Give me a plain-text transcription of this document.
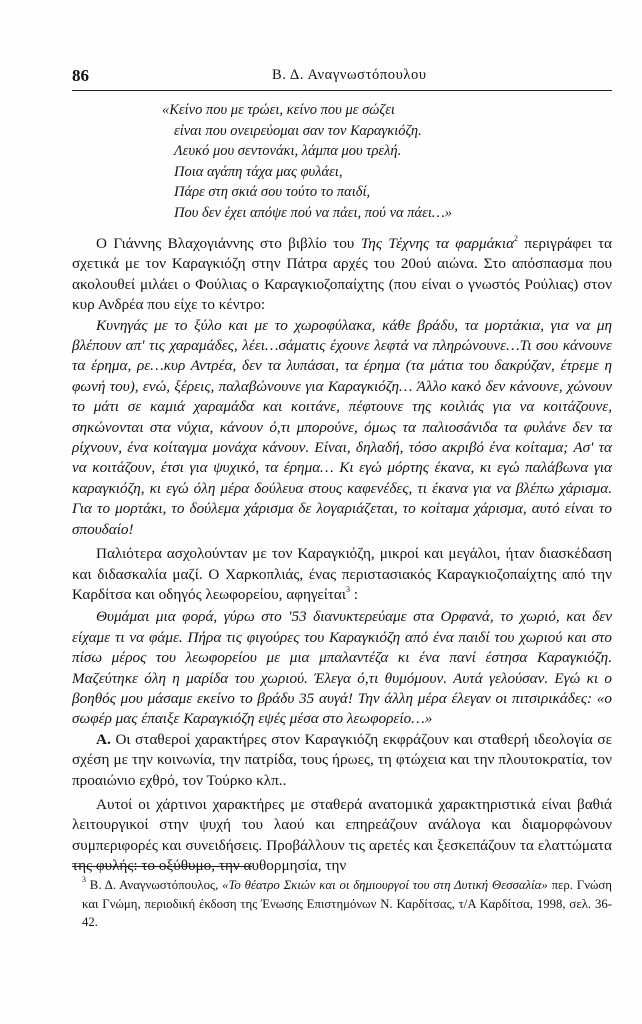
86	Β. Δ. Αναγνωστόπουλου
«Κείνο που με τρώει, κείνο που με σώζει
είναι που ονειρεύομαι σαν τον Καραγκιόζη.
Λευκό μου σεντονάκι, λάμπα μου τρελή.
Ποια αγάπη τάχα μας φυλάει,
Πάρε στη σκιά σου τούτο το παιδί,
Που δεν έχει απόψε πού να πάει, πού να πάει…»

Ο Γιάννης Βλαχογιάννης στο βιβλίο του Της Τέχνης τα φαρμάκια$^2$ περιγράφει τα σχετικά με τον Καραγκιόζη στην Πάτρα αρχές του 20ού αιώνα. Στο απόσπασμα που ακολουθεί μιλάει ο Φούλιας ο Καραγκιοζοπαίχτης (που είναι ο γνωστός Ρούλιας) στον κυρ Ανδρέα που είχε το κέντρο:

Κυνηγάς με το ξύλο και με το χωροφύλακα, κάθε βράδυ, τα μορτάκια, για να μη βλέπουν απ' τις χαραμάδες, λέει…σάματις έχουνε λεφτά να πληρώνουνε…Τι σου κάνουνε τα έρημα, ρε…κυρ Αντρέα, δεν τα λυπάσαι, τα έρημα (τα μάτια του δακρύζαν, έτρεμε η φωνή του), ενώ, ξέρεις, παλαβώνουνε για Καραγκιόζη… Άλλο κακό δεν κάνουνε, χώνουν το μάτι σε καμιά χαραμάδα και κοιτάνε, πέφτουνε της κοιλιάς για να κοιτάζουνε, σηκώνονται στα νύχια, κάνουν ό,τι μπορούνε, όμως τα παλιοσάνιδα τα φυλάνε δεν τα ρίχνουν, ένα κοίταγμα μονάχα κάνουν. Είναι, δηλαδή, τόσο ακριβό ένα κοίταμα; Ασ' τα να κοιτάζουν, έτσι για ψυχικό, τα έρημα… Κι εγώ μόρτης έκανα, κι εγώ παλάβωνα για καραγκιόζη, κι εγώ όλη μέρα δούλευα στους καφενέδες, τι έκανα για να βλέπω χάρισμα. Για το μορτάκι, το δούλεμα χάρισμα δε λογαριάζεται, το κοίταμα χάρισμα, αυτό είναι το σπουδαίο!

Παλιότερα ασχολούνταν με τον Καραγκιόζη, μικροί και μεγάλοι, ήταν διασκέδαση και διδασκαλία μαζί. Ο Χαρκοπλιάς, ένας περιστασιακός Καραγκιοζοπαίχτης από την Καρδίτσα και οδηγός λεωφορείου, αφηγείται$^3$ :

Θυμάμαι μια φορά, γύρω στο '53 διανυκτερεύαμε στα Ορφανά, το χωριό, και δεν είχαμε τι να φάμε. Πήρα τις φιγούρες του Καραγκιόζη από ένα παιδί του χωριού και στο πίσω μέρος του λεωφορείου με μια μπαλαντέζα κι ένα πανί έστησα Καραγκιόζη. Μαζεύτηκε όλη η μαρίδα του χωριού. Έλεγα ό,τι θυμόμουν. Αυτά γελούσαν. Εγώ κι ο βοηθός μου μάσαμε εκείνο το βράδυ 35 αυγά! Την άλλη μέρα έλεγαν οι πιτσιρικάδες: «ο σωφέρ μας έπαιξε Καραγκιόζη εψές μέσα στο λεωφορείο…»

Α. Οι σταθεροί χαρακτήρες στον Καραγκιόζη εκφράζουν και σταθερή ιδεολογία σε σχέση με την κοινωνία, την πατρίδα, τους ήρωες, τη φτώχεια και την πλουτοκρατία, τον προαιώνιο εχθρό, τον Τούρκο κλπ..

Αυτοί οι χάρτινοι χαρακτήρες με σταθερά ανατομικά χαρακτηριστικά είναι βαθιά λειτουργικοί στην ψυχή του λαού και επηρεάζουν ανάλογα και διαμορφώνουν συμπεριφορές και συνειδήσεις. Προβάλλουν τις αρετές και ξεσκεπάζουν τα ελαττώματα της φυλής: το οξύθυμο, την αυθορμησία, την

$^3$ Β. Δ. Αναγνωστόπουλος, «Το θέατρο Σκιών και οι δημιουργοί του στη Δυτική Θεσσαλία» περ. Γνώση και Γνώμη, περιοδική έκδοση της Ένωσης Επιστημόνων Ν. Καρδίτσας, τ/Α Καρδίτσα, 1998, σελ. 36-42.
